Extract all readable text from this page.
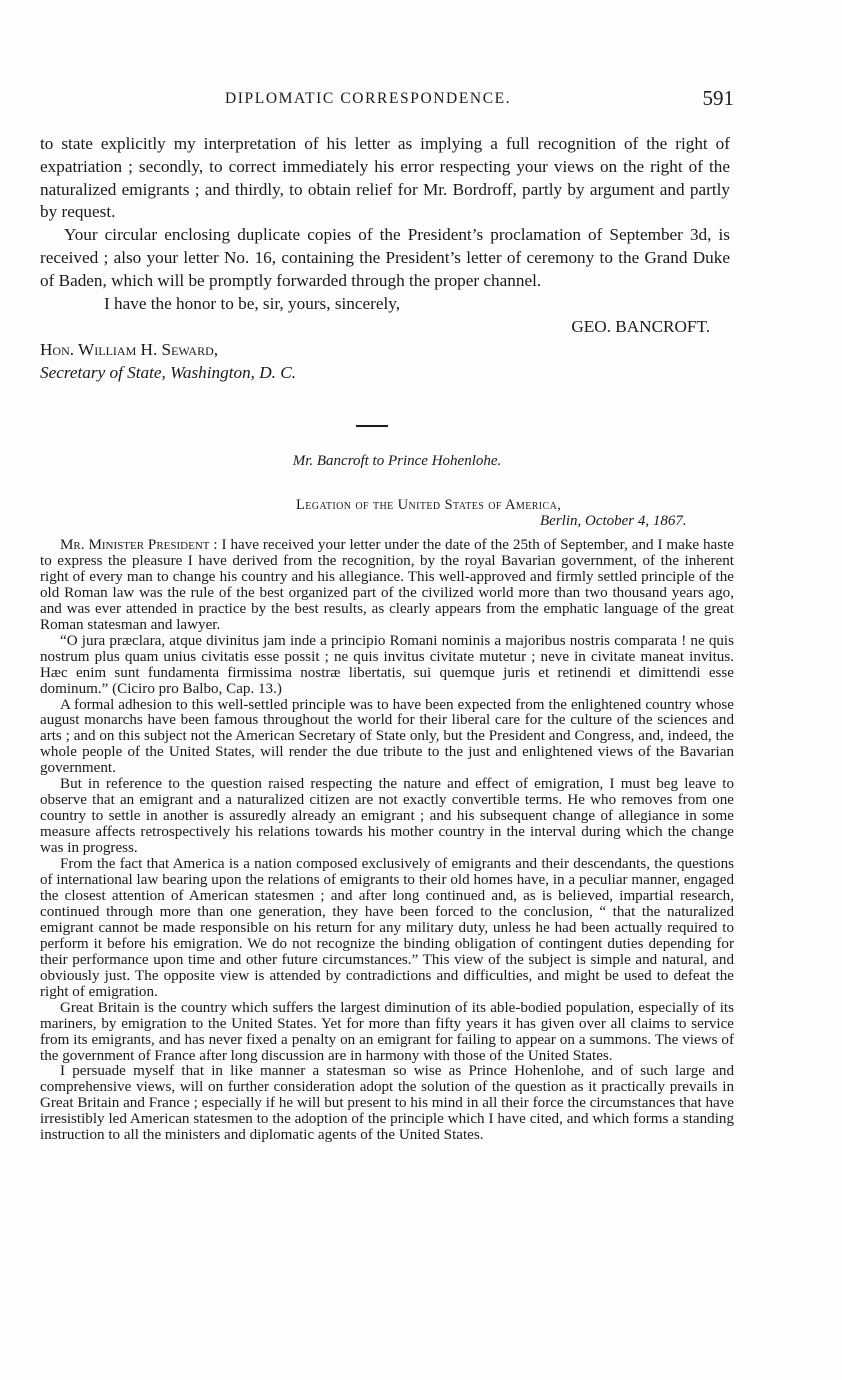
DIPLOMATIC CORRESPONDENCE.	591

to state explicitly my interpretation of his letter as implying a full recognition of the right of expatriation ; secondly, to correct immediately his error respecting your views on the right of the naturalized emigrants ; and thirdly, to obtain relief for Mr. Bordroff, partly by argument and partly by request.

Your circular enclosing duplicate copies of the President’s proclamation of September 3d, is received ; also your letter No. 16, containing the President’s letter of ceremony to the Grand Duke of Baden, which will be promptly forwarded through the proper channel.

I have the honor to be, sir, yours, sincerely,

GEO. BANCROFT.

Hon. William H. Seward,

Secretary of State, Washington, D. C.

Mr. Bancroft to Prince Hohenlohe.
Legation of the United States of America,
Berlin, October 4, 1867.

Mr. Minister President : I have received your letter under the date of the 25th of September, and I make haste to express the pleasure I have derived from the recognition, by the royal Bavarian government, of the inherent right of every man to change his country and his allegiance. This well-approved and firmly settled principle of the old Roman law was the rule of the best organized part of the civilized world more than two thousand years ago, and was ever attended in practice by the best results, as clearly appears from the emphatic language of the great Roman statesman and lawyer.

“O jura præclara, atque divinitus jam inde a principio Romani nominis a majoribus nostris comparata ! ne quis nostrum plus quam unius civitatis esse possit ; ne quis invitus civitate mutetur ; neve in civitate maneat invitus. Hæc enim sunt fundamenta firmissima nostræ libertatis, sui quemque juris et retinendi et dimittendi esse dominum.” (Ciciro pro Balbo, Cap. 13.)

A formal adhesion to this well-settled principle was to have been expected from the enlightened country whose august monarchs have been famous throughout the world for their liberal care for the culture of the sciences and arts ; and on this subject not the American Secretary of State only, but the President and Congress, and, indeed, the whole people of the United States, will render the due tribute to the just and enlightened views of the Bavarian government.

But in reference to the question raised respecting the nature and effect of emigration, I must beg leave to observe that an emigrant and a naturalized citizen are not exactly convertible terms. He who removes from one country to settle in another is assuredly already an emigrant ; and his subsequent change of allegiance in some measure affects retrospectively his relations towards his mother country in the interval during which the change was in progress.

From the fact that America is a nation composed exclusively of emigrants and their descendants, the questions of international law bearing upon the relations of emigrants to their old homes have, in a peculiar manner, engaged the closest attention of American statesmen ; and after long continued and, as is believed, impartial research, continued through more than one generation, they have been forced to the conclusion, “ that the naturalized emigrant cannot be made responsible on his return for any military duty, unless he had been actually required to perform it before his emigration. We do not recognize the binding obligation of contingent duties depending for their performance upon time and other future circumstances.” This view of the subject is simple and natural, and obviously just. The opposite view is attended by contradictions and difficulties, and might be used to defeat the right of emigration.

Great Britain is the country which suffers the largest diminution of its able-bodied population, especially of its mariners, by emigration to the United States. Yet for more than fifty years it has given over all claims to service from its emigrants, and has never fixed a penalty on an emigrant for failing to appear on a summons. The views of the government of France after long discussion are in harmony with those of the United States.

I persuade myself that in like manner a statesman so wise as Prince Hohenlohe, and of such large and comprehensive views, will on further consideration adopt the solution of the question as it practically prevails in Great Britain and France ; especially if he will but present to his mind in all their force the circumstances that have irresistibly led American statesmen to the adoption of the principle which I have cited, and which forms a standing instruction to all the ministers and diplomatic agents of the United States.
